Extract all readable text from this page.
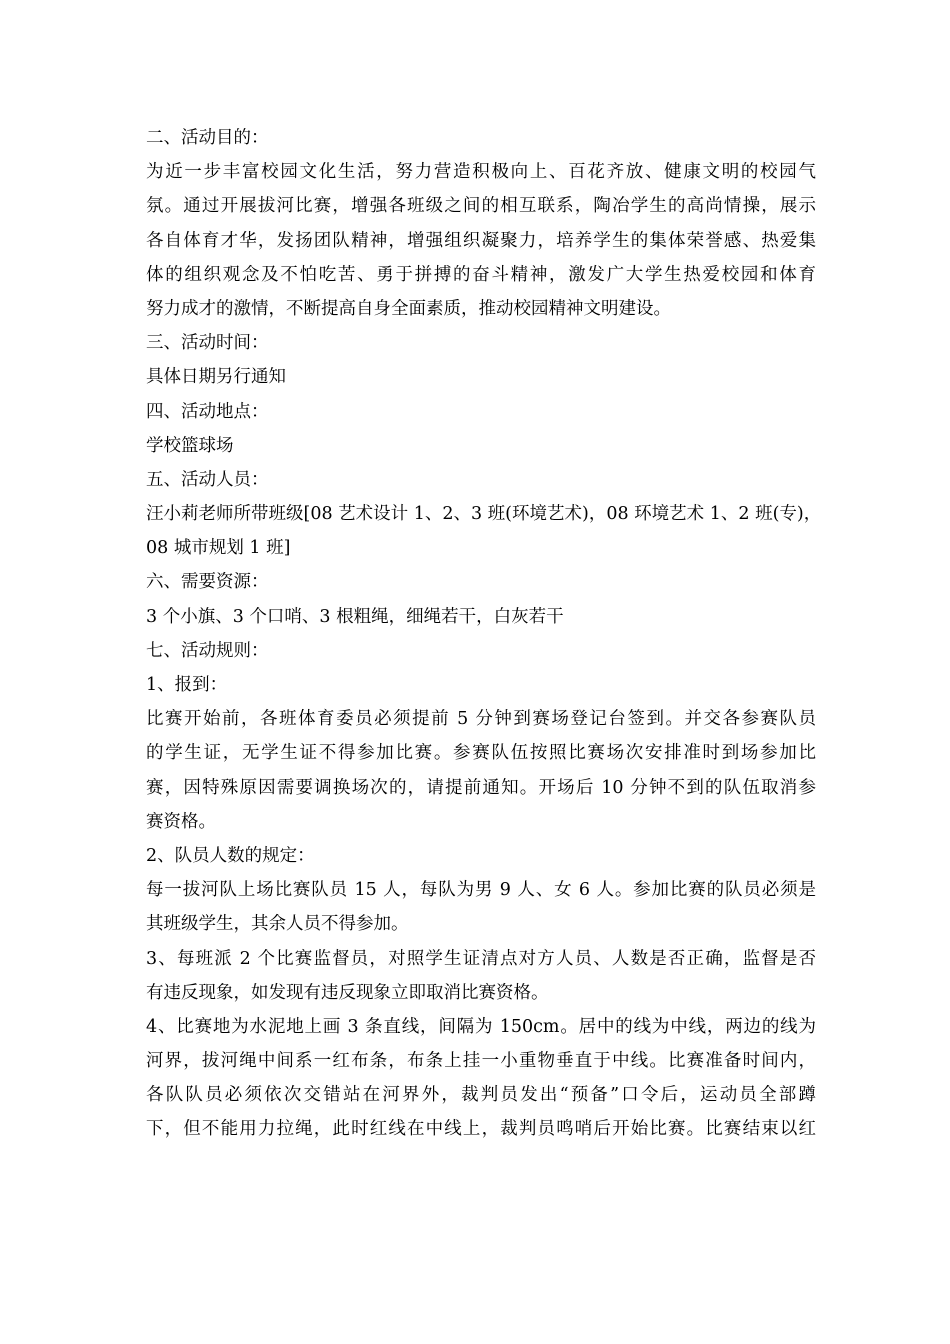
二、活动目的：
为近一步丰富校园文化生活，努力营造积极向上、百花齐放、健康文明的校园气
氛。通过开展拔河比赛，增强各班级之间的相互联系，陶冶学生的高尚情操，展示
各自体育才华，发扬团队精神，增强组织凝聚力，培养学生的集体荣誉感、热爱集
体的组织观念及不怕吃苦、勇于拼搏的奋斗精神，激发广大学生热爱校园和体育
努力成才的激情，不断提高自身全面素质，推动校园精神文明建设。
三、活动时间：
具体日期另行通知
四、活动地点：
学校篮球场
五、活动人员：
汪小莉老师所带班级[08 艺术设计 1、2、3 班(环境艺术)，08 环境艺术 1、2 班(专)，
08 城市规划 1 班]
六、需要资源：
3 个小旗、3 个口哨、3 根粗绳，细绳若干，白灰若干
七、活动规则：
1、报到：
比赛开始前，各班体育委员必须提前 5 分钟到赛场登记台签到。并交各参赛队员
的学生证，无学生证不得参加比赛。参赛队伍按照比赛场次安排准时到场参加比
赛，因特殊原因需要调换场次的，请提前通知。开场后 10 分钟不到的队伍取消参
赛资格。
2、队员人数的规定：
每一拔河队上场比赛队员 15 人，每队为男 9 人、女 6 人。参加比赛的队员必须是
其班级学生，其余人员不得参加。
3、每班派 2 个比赛监督员，对照学生证清点对方人员、人数是否正确，监督是否
有违反现象，如发现有违反现象立即取消比赛资格。
4、比赛地为水泥地上画 3 条直线，间隔为 150cm。居中的线为中线，两边的线为
河界，拔河绳中间系一红布条，布条上挂一小重物垂直于中线。比赛准备时间内，
各队队员必须依次交错站在河界外，裁判员发出“预备”口令后，运动员全部蹲
下，但不能用力拉绳，此时红线在中线上，裁判员鸣哨后开始比赛。比赛结束以红
